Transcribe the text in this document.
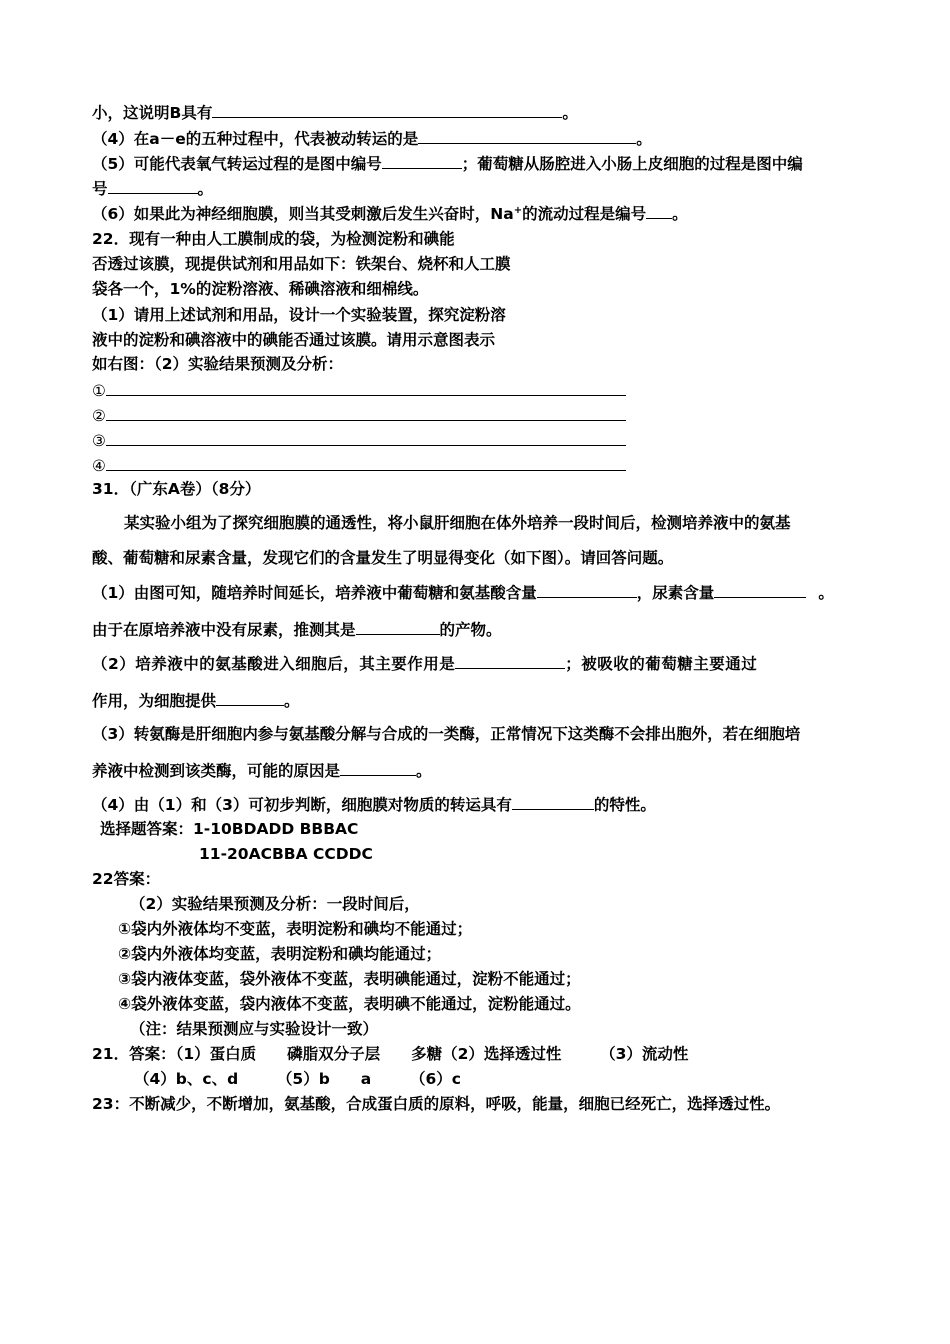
小，这说明B具有	。
（4）在a－e的五种过程中，代表被动转运的是	。
（5）可能代表氧气转运过程的是图中编号	；葡萄糖从肠腔进入小肠上皮细胞的过程是图中编
号	。
（6）如果此为神经细胞膜，则当其受刺激后发生兴奋时，Na+的流动过程是编号 。
22．现有一种由人工膜制成的袋，为检测淀粉和碘能
否透过该膜，现提供试剂和用品如下：铁架台、烧杯和人工膜
袋各一个，1%的淀粉溶液、稀碘溶液和细棉线。
（1）请用上述试剂和用品，设计一个实验装置，探究淀粉溶
液中的淀粉和碘溶液中的碘能否通过该膜。请用示意图表示
如右图：（2）实验结果预测及分析：
①
②
③
④
31．（广东A卷）（8分）
某实验小组为了探究细胞膜的通透性，将小鼠肝细胞在体外培养一段时间后，检测培养液中的氨基
酸、葡萄糖和尿素含量，发现它们的含量发生了明显得变化（如下图）。请回答问题。
（1）由图可知，随培养时间延长，培养液中葡萄糖和氨基酸含量	，尿素含量	。
由于在原培养液中没有尿素，推测其是	的产物。
（2）培养液中的氨基酸进入细胞后，其主要作用是	；被吸收的葡萄糖主要通过
作用，为细胞提供	。
（3）转氨酶是肝细胞内参与氨基酸分解与合成的一类酶，正常情况下这类酶不会排出胞外，若在细胞培
养液中检测到该类酶，可能的原因是	。
（4）由（1）和（3）可初步判断，细胞膜对物质的转运具有	的特性。
选择题答案：1-10BDADD BBBAC
11-20ACBBA CCDDC
22答案：
（2）实验结果预测及分析：一段时间后，
①袋内外液体均不变蓝，表明淀粉和碘均不能通过；
②袋内外液体均变蓝，表明淀粉和碘均能通过；
③袋内液体变蓝，袋外液体不变蓝，表明碘能通过，淀粉不能通过；
④袋外液体变蓝，袋内液体不变蓝，表明碘不能通过，淀粉能通过。
（注：结果预测应与实验设计一致）
21．答案：（1）蛋白质　　磷脂双分子层　　多糖（2）选择透过性　　　（3）流动性
（4）b、c、d　　　（5）b　　a　　　（6）c
23：不断减少，不断增加，氨基酸，合成蛋白质的原料，呼吸，能量，细胞已经死亡，选择透过性。
